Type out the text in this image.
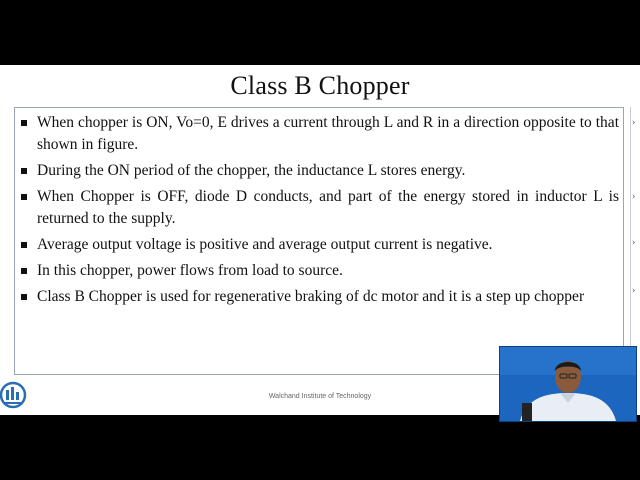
Class B Chopper
When chopper is ON, Vo=0, E drives a current through L and R in a direction opposite to that shown in figure.
During the ON period of the chopper, the inductance L stores energy.
When Chopper is OFF, diode D conducts, and part of the energy stored in inductor L is returned to the supply.
Average output voltage is positive and average output current is negative.
In this chopper, power flows from load to source.
Class B Chopper is used for regenerative braking of dc motor and it is a step up chopper
›
›
›
›
Walchand Institute of Technology
